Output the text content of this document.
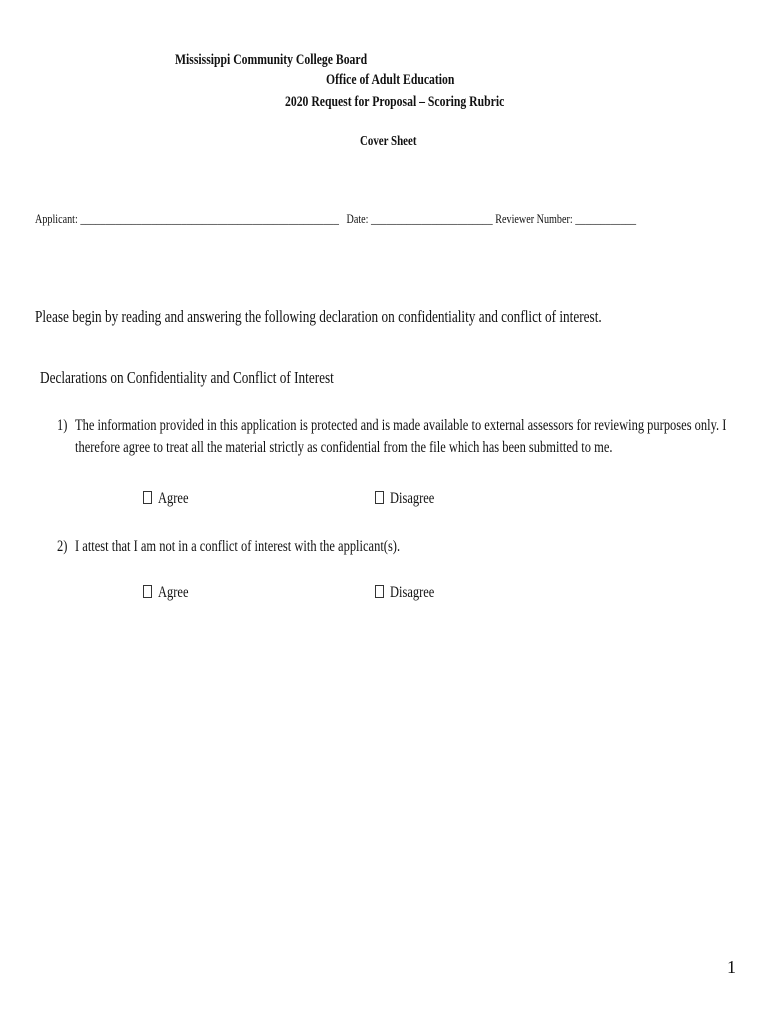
Mississippi Community College Board
Office of Adult Education
2020 Request for Proposal – Scoring Rubric
Cover Sheet
Applicant: ___________________________________________________ Date: ________________________ Reviewer Number: ____________
Please begin by reading and answering the following declaration on confidentiality and conflict of interest.
Declarations on Confidentiality and Conflict of Interest
1) The information provided in this application is protected and is made available to external assessors for reviewing purposes only. I
therefore agree to treat all the material strictly as confidential from the file which has been submitted to me.
Agree	Disagree
2) I attest that I am not in a conflict of interest with the applicant(s).
Agree	Disagree
1
